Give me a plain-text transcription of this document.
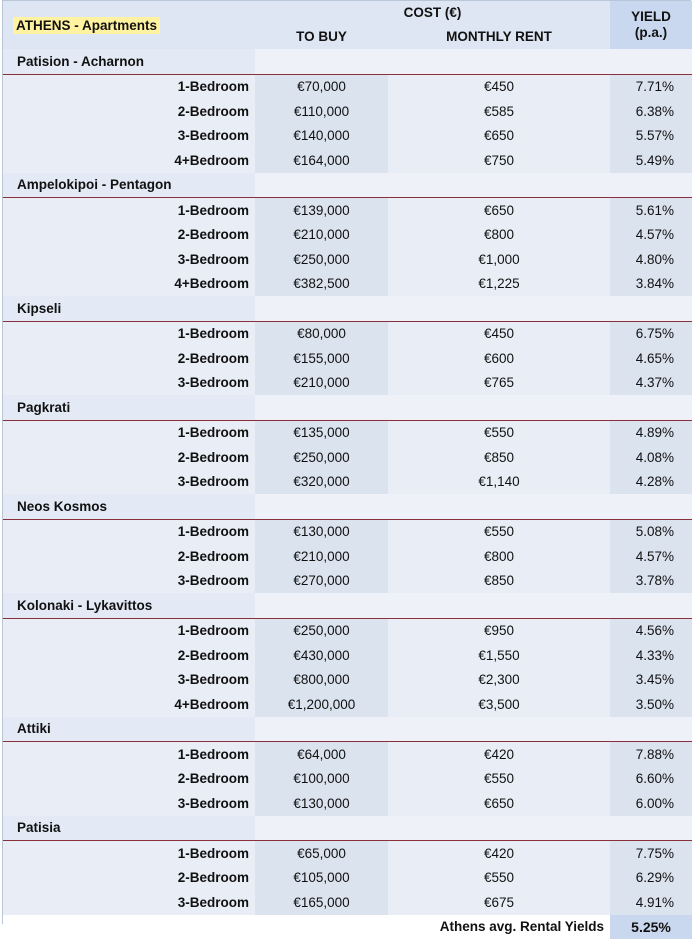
ATHENS - Apartments	COST (€)		YIELD
(p.a.)

	TO BUY	MONTHLY RENT	
Patision - Acharnon			
1-Bedroom	€70,000	€450	7.71%
2-Bedroom	€110,000	€585	6.38%
3-Bedroom	€140,000	€650	5.57%
4+Bedroom	€164,000	€750	5.49%
Ampelokipoi - Pentagon			
1-Bedroom	€139,000	€650	5.61%
2-Bedroom	€210,000	€800	4.57%
3-Bedroom	€250,000	€1,000	4.80%
4+Bedroom	€382,500	€1,225	3.84%
Kipseli			
1-Bedroom	€80,000	€450	6.75%
2-Bedroom	€155,000	€600	4.65%
3-Bedroom	€210,000	€765	4.37%
Pagkrati			
1-Bedroom	€135,000	€550	4.89%
2-Bedroom	€250,000	€850	4.08%
3-Bedroom	€320,000	€1,140	4.28%
Neos Kosmos			
1-Bedroom	€130,000	€550	5.08%
2-Bedroom	€210,000	€800	4.57%
3-Bedroom	€270,000	€850	3.78%
Kolonaki - Lykavittos			
1-Bedroom	€250,000	€950	4.56%
2-Bedroom	€430,000	€1,550	4.33%
3-Bedroom	€800,000	€2,300	3.45%
4+Bedroom	€1,200,000	€3,500	3.50%
Attiki			
1-Bedroom	€64,000	€420	7.88%
2-Bedroom	€100,000	€550	6.60%
3-Bedroom	€130,000	€650	6.00%
Patisia			
1-Bedroom	€65,000	€420	7.75%
2-Bedroom	€105,000	€550	6.29%
3-Bedroom	€165,000	€675	4.91%
Athens avg. Rental Yields			5.25%
